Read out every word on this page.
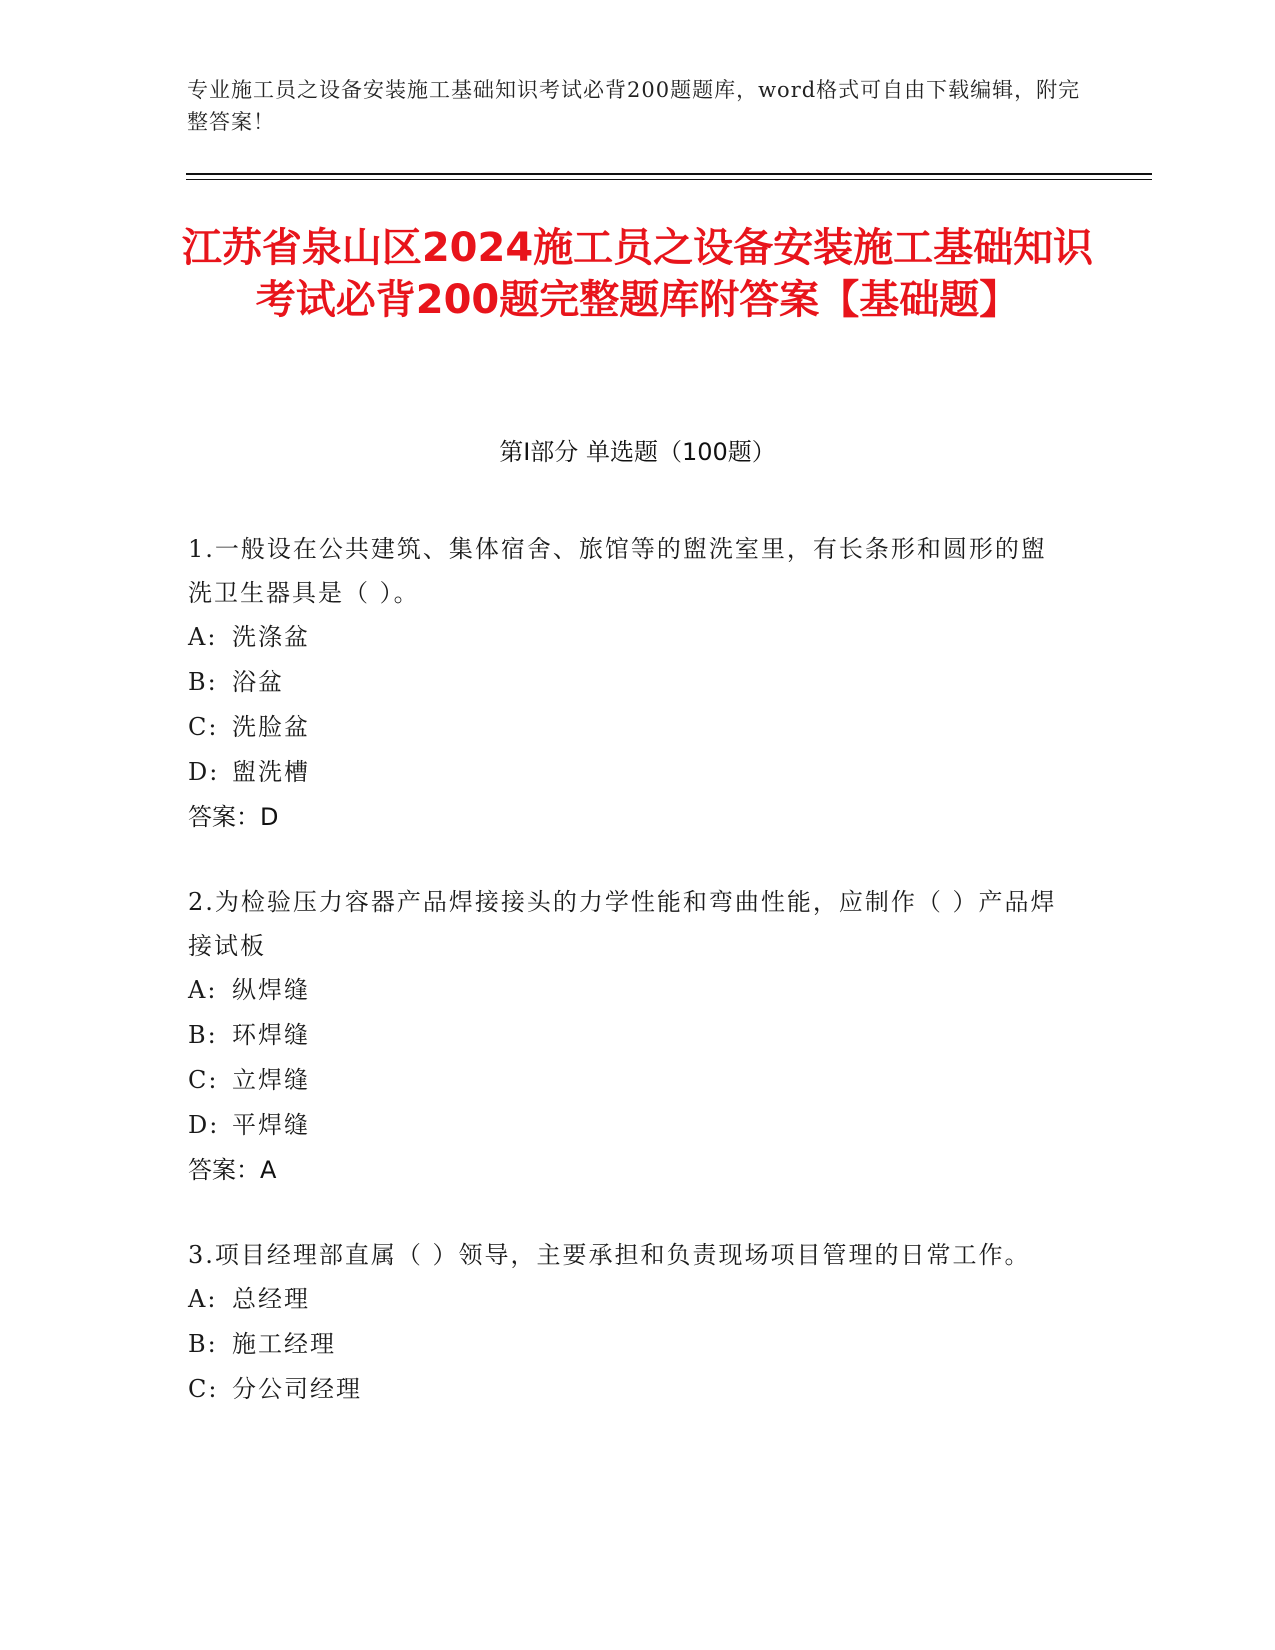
专业施工员之设备安装施工基础知识考试必背200题题库，word格式可自由下载编辑，附完整答案！
江苏省泉山区2024施工员之设备安装施工基础知识考试必背200题完整题库附答案【基础题】
第I部分 单选题（100题）
1.一般设在公共建筑、集体宿舍、旅馆等的盥洗室里，有长条形和圆形的盥洗卫生器具是（ ）。
A: 洗涤盆
B: 浴盆
C: 洗脸盆
D: 盥洗槽
答案：D
2.为检验压力容器产品焊接接头的力学性能和弯曲性能，应制作（ ）产品焊接试板
A: 纵焊缝
B: 环焊缝
C: 立焊缝
D: 平焊缝
答案：A
3.项目经理部直属（ ）领导，主要承担和负责现场项目管理的日常工作。
A: 总经理
B: 施工经理
C: 分公司经理
